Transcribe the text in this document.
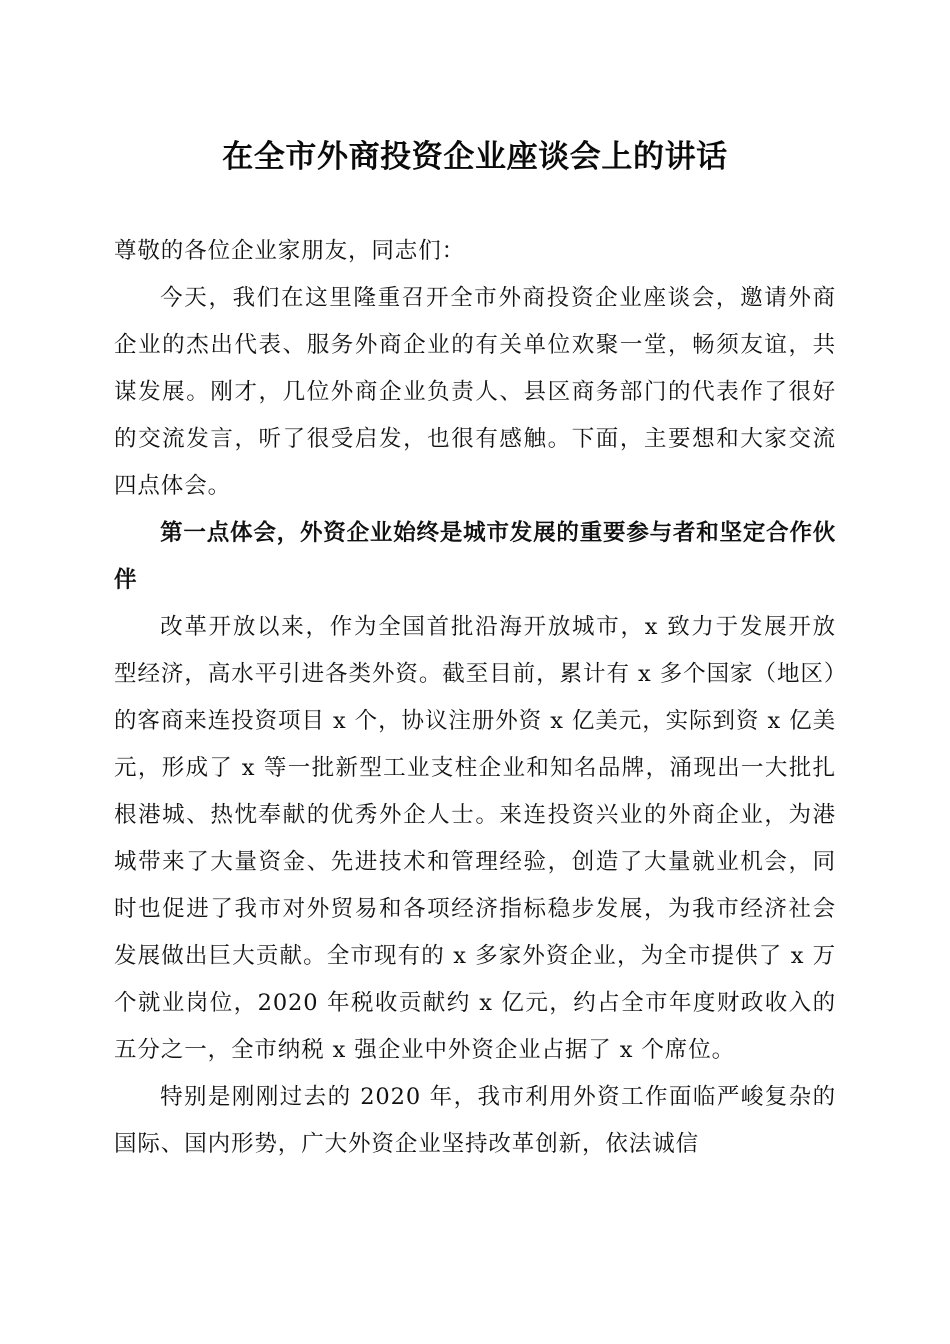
在全市外商投资企业座谈会上的讲话

尊敬的各位企业家朋友，同志们：

今天，我们在这里隆重召开全市外商投资企业座谈会，邀请外商企业的杰出代表、服务外商企业的有关单位欢聚一堂，畅须友谊，共谋发展。刚才，几位外商企业负责人、县区商务部门的代表作了很好的交流发言，听了很受启发，也很有感触。下面，主要想和大家交流四点体会。

第一点体会，外资企业始终是城市发展的重要参与者和坚定合作伙伴

改革开放以来，作为全国首批沿海开放城市，x 致力于发展开放型经济，高水平引进各类外资。截至目前，累计有 x 多个国家（地区）的客商来连投资项目 x 个，协议注册外资 x 亿美元，实际到资 x 亿美元，形成了 x 等一批新型工业支柱企业和知名品牌，涌现出一大批扎根港城、热忱奉献的优秀外企人士。来连投资兴业的外商企业，为港城带来了大量资金、先进技术和管理经验，创造了大量就业机会，同时也促进了我市对外贸易和各项经济指标稳步发展，为我市经济社会发展做出巨大贡献。全市现有的 x 多家外资企业，为全市提供了 x 万个就业岗位，2020 年税收贡献约 x 亿元，约占全市年度财政收入的五分之一，全市纳税 x 强企业中外资企业占据了 x 个席位。

特别是刚刚过去的 2020 年，我市利用外资工作面临严峻复杂的国际、国内形势，广大外资企业坚持改革创新，依法诚信
